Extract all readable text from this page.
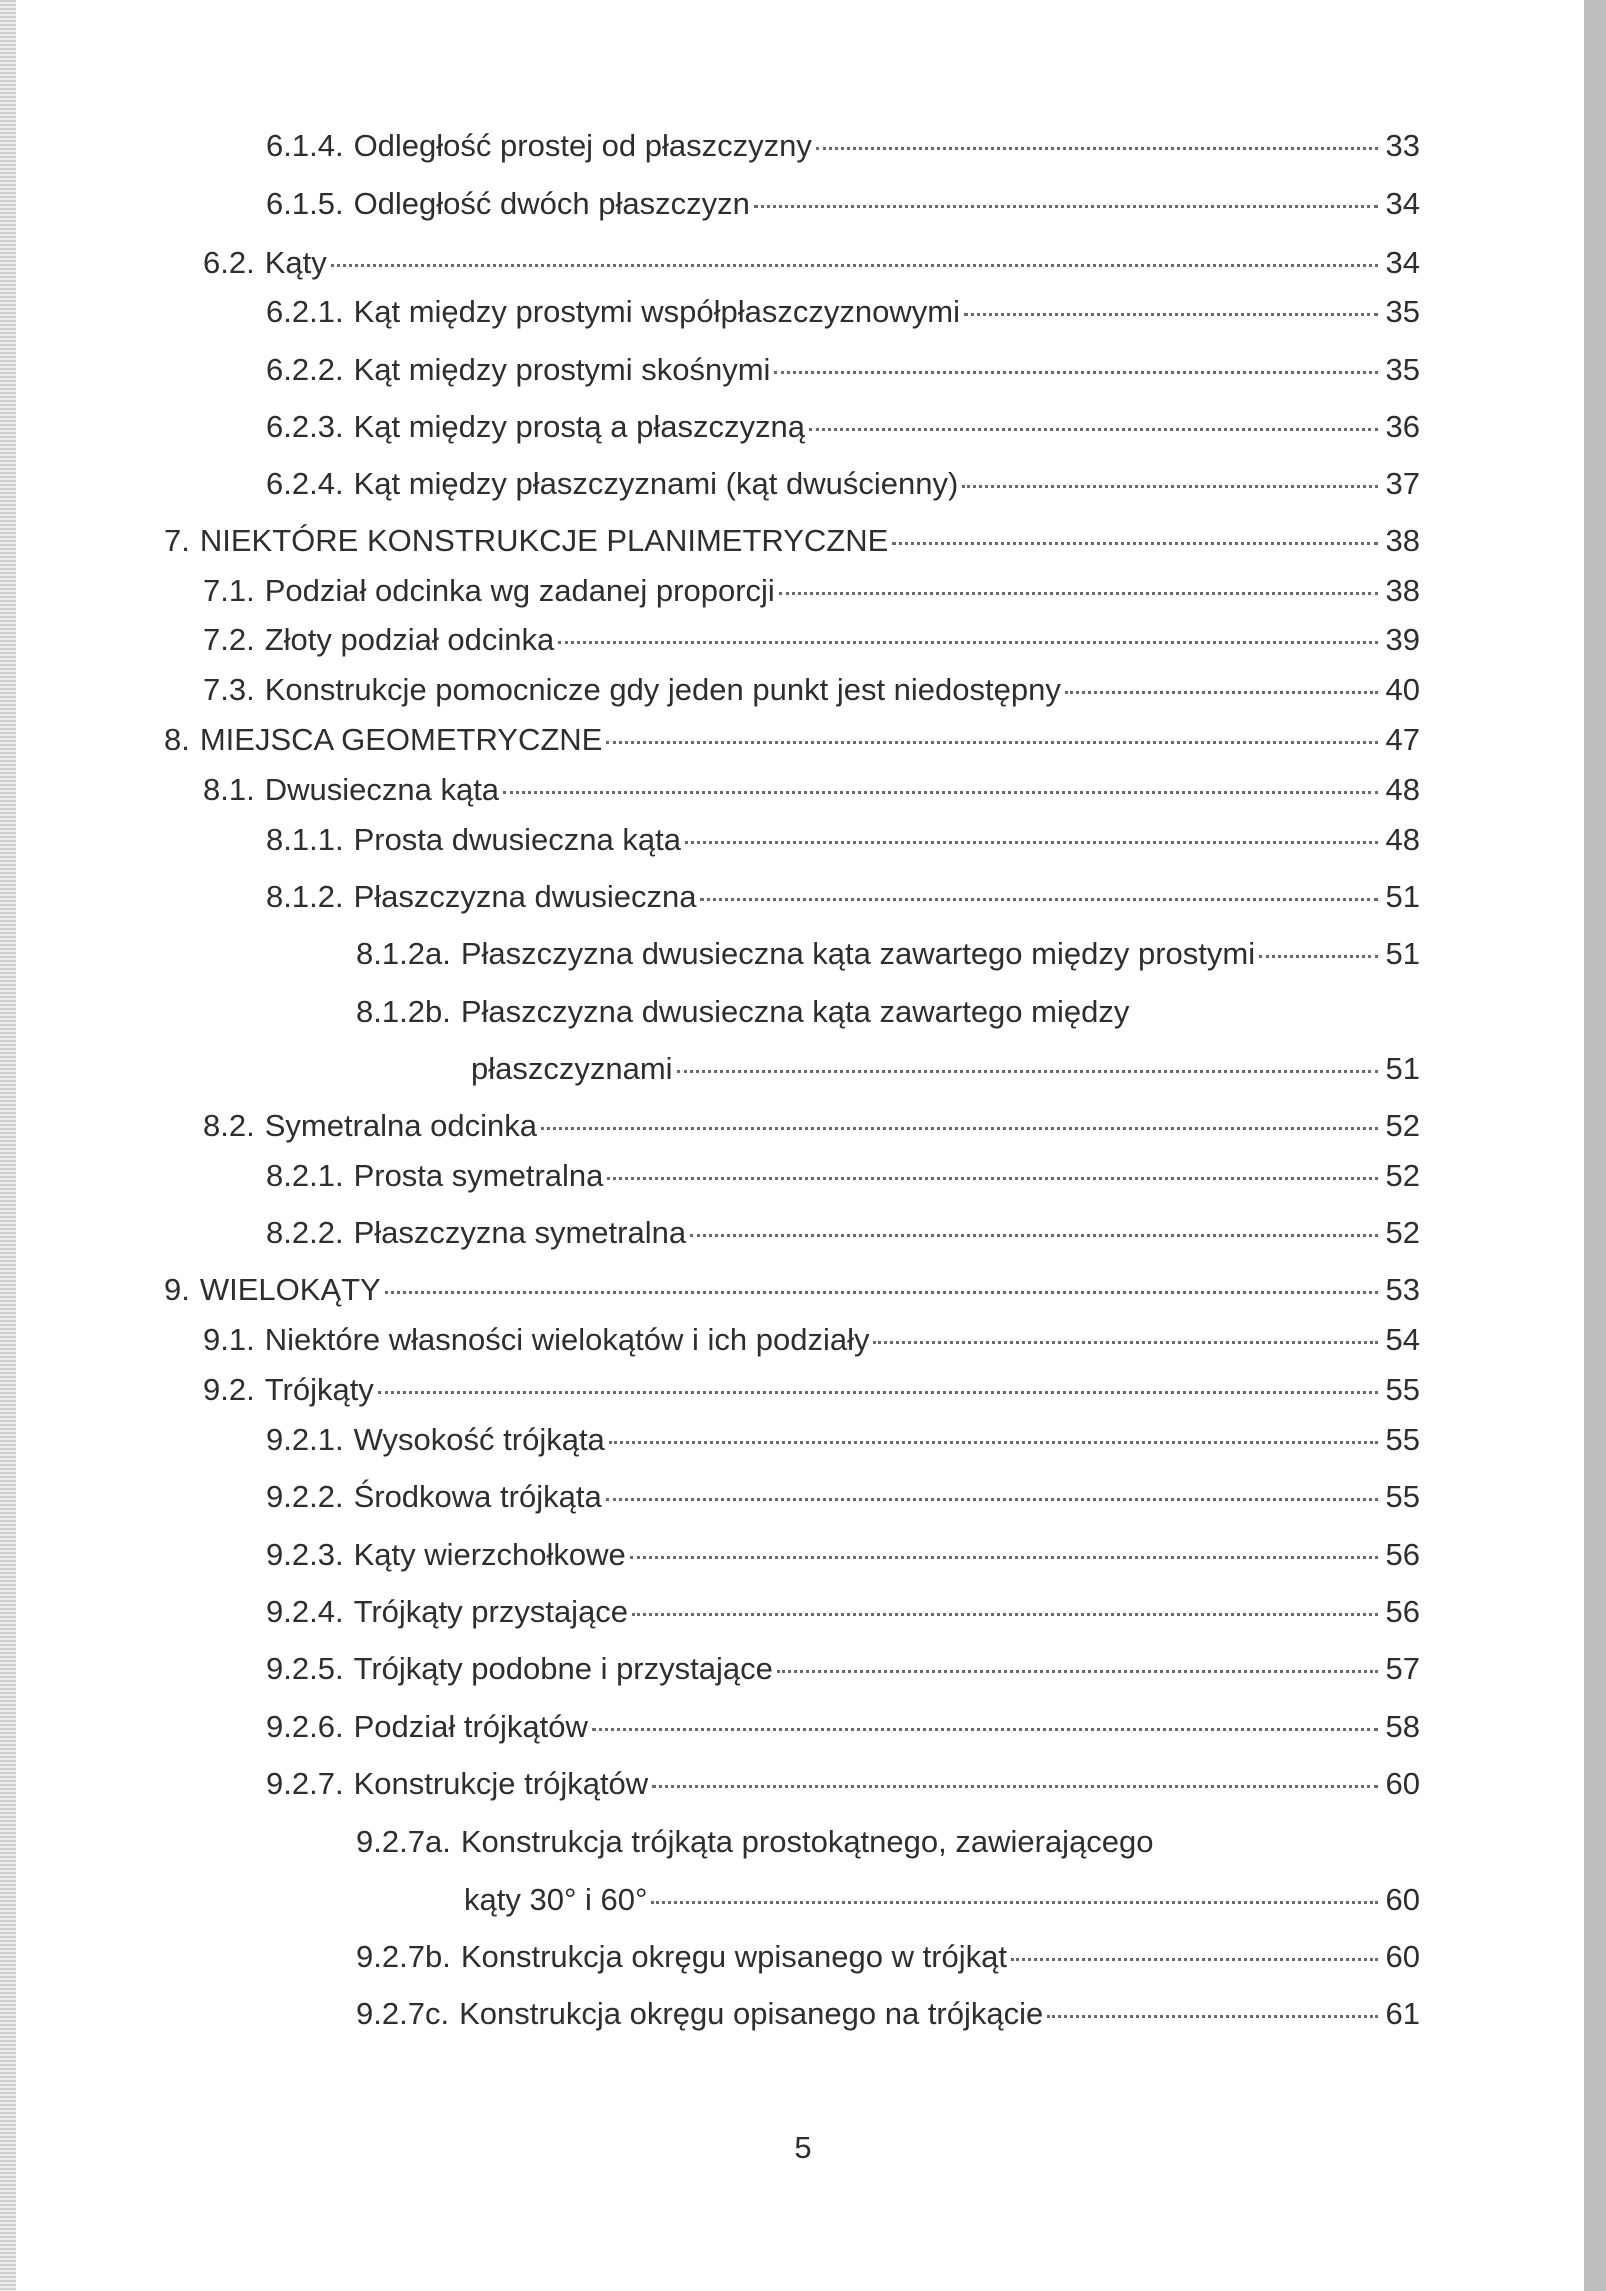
6.1.4. Odległość prostej od płaszczyzny	33
6.1.5. Odległość dwóch płaszczyzn	34
6.2. Kąty	34
6.2.1. Kąt między prostymi współpłaszczyznowymi	35
6.2.2. Kąt między prostymi skośnymi	35
6.2.3. Kąt między prostą a płaszczyzną	36
6.2.4. Kąt między płaszczyznami (kąt dwuścienny)	37
7. NIEKTÓRE KONSTRUKCJE PLANIMETRYCZNE	38
7.1. Podział odcinka wg zadanej proporcji	38
7.2. Złoty podział odcinka	39
7.3. Konstrukcje pomocnicze gdy jeden punkt jest niedostępny	40
8. MIEJSCA GEOMETRYCZNE	47
8.1. Dwusieczna kąta	48
8.1.1. Prosta dwusieczna kąta	48
8.1.2. Płaszczyzna dwusieczna	51
8.1.2a. Płaszczyzna dwusieczna kąta zawartego między prostymi	51
8.1.2b. Płaszczyzna dwusieczna kąta zawartego między
płaszczyznami	51
8.2. Symetralna odcinka	52
8.2.1. Prosta symetralna	52
8.2.2. Płaszczyzna symetralna	52
9. WIELOKĄTY	53
9.1. Niektóre własności wielokątów i ich podziały	54
9.2. Trójkąty	55
9.2.1. Wysokość trójkąta	55
9.2.2. Środkowa trójkąta	55
9.2.3. Kąty wierzchołkowe	56
9.2.4. Trójkąty przystające	56
9.2.5. Trójkąty podobne i przystające	57
9.2.6. Podział trójkątów	58
9.2.7. Konstrukcje trójkątów	60
9.2.7a. Konstrukcja trójkąta prostokątnego, zawierającego
kąty 30° i 60°	60
9.2.7b. Konstrukcja okręgu wpisanego w trójkąt	60
9.2.7c. Konstrukcja okręgu opisanego na trójkącie	61
5
